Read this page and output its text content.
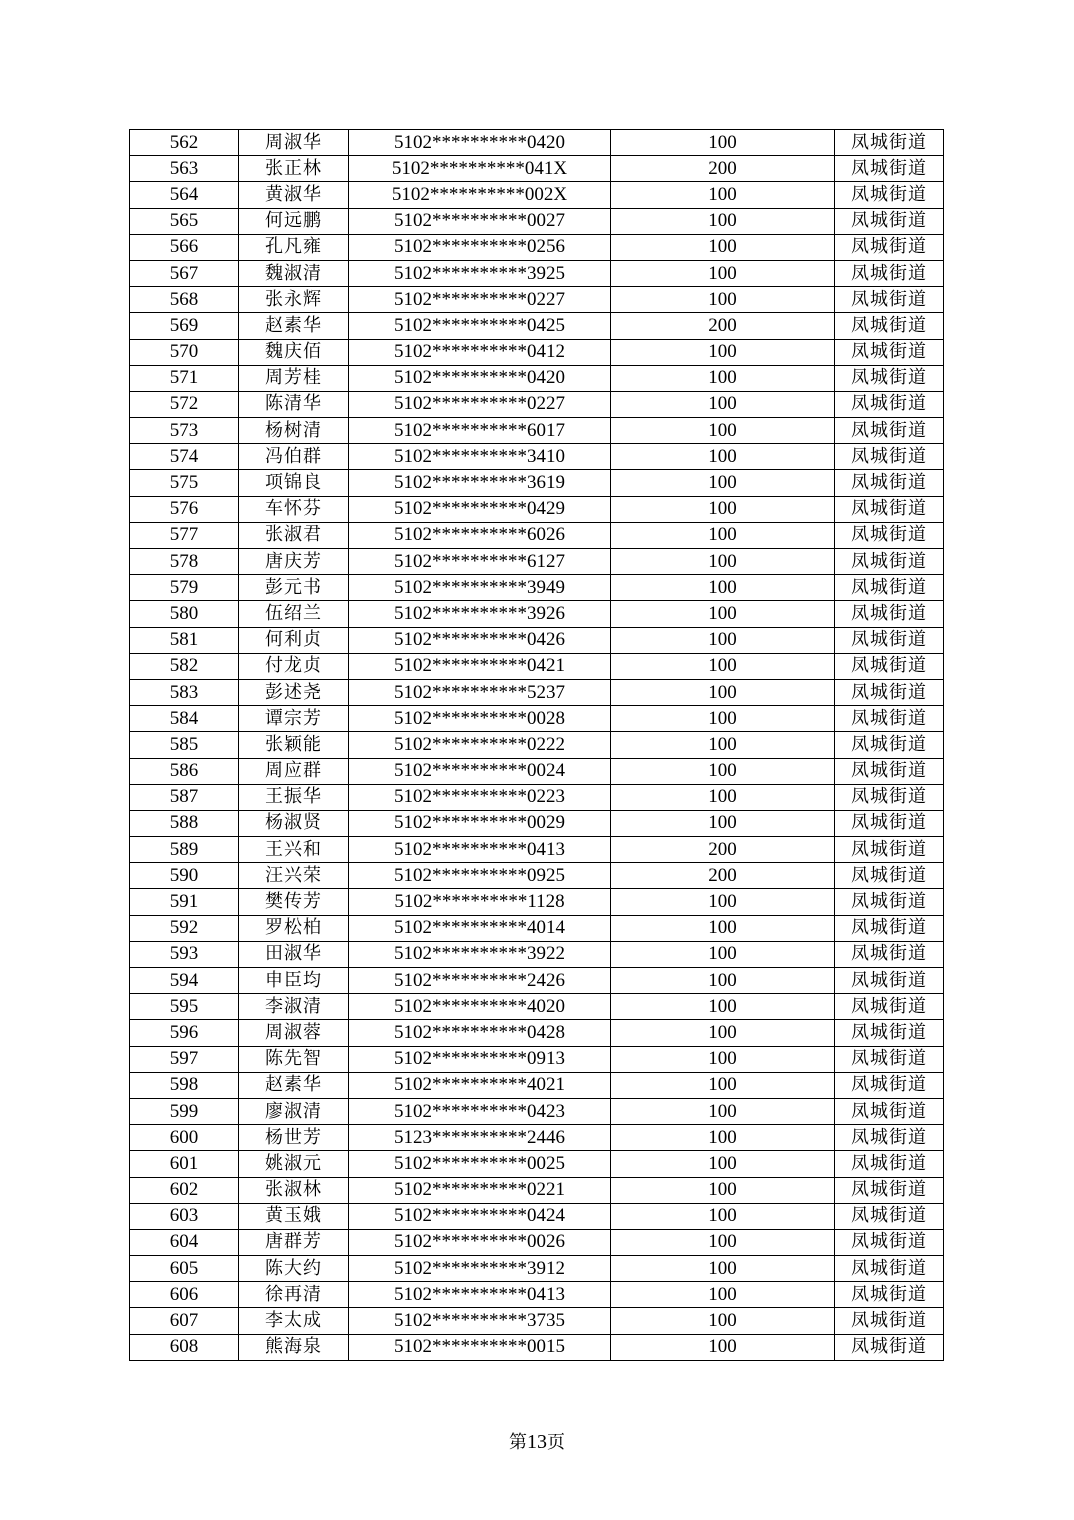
562	周淑华	5102**********0420	100	凤城街道
563	张正林	5102**********041X	200	凤城街道
564	黄淑华	5102**********002X	100	凤城街道
565	何远鹏	5102**********0027	100	凤城街道
566	孔凡雍	5102**********0256	100	凤城街道
567	魏淑清	5102**********3925	100	凤城街道
568	张永辉	5102**********0227	100	凤城街道
569	赵素华	5102**********0425	200	凤城街道
570	魏庆佰	5102**********0412	100	凤城街道
571	周芳桂	5102**********0420	100	凤城街道
572	陈清华	5102**********0227	100	凤城街道
573	杨树清	5102**********6017	100	凤城街道
574	冯伯群	5102**********3410	100	凤城街道
575	项锦良	5102**********3619	100	凤城街道
576	车怀芬	5102**********0429	100	凤城街道
577	张淑君	5102**********6026	100	凤城街道
578	唐庆芳	5102**********6127	100	凤城街道
579	彭元书	5102**********3949	100	凤城街道
580	伍绍兰	5102**********3926	100	凤城街道
581	何利贞	5102**********0426	100	凤城街道
582	付龙贞	5102**********0421	100	凤城街道
583	彭述尧	5102**********5237	100	凤城街道
584	谭宗芳	5102**********0028	100	凤城街道
585	张颖能	5102**********0222	100	凤城街道
586	周应群	5102**********0024	100	凤城街道
587	王振华	5102**********0223	100	凤城街道
588	杨淑贤	5102**********0029	100	凤城街道
589	王兴和	5102**********0413	200	凤城街道
590	汪兴荣	5102**********0925	200	凤城街道
591	樊传芳	5102**********1128	100	凤城街道
592	罗松柏	5102**********4014	100	凤城街道
593	田淑华	5102**********3922	100	凤城街道
594	申臣均	5102**********2426	100	凤城街道
595	李淑清	5102**********4020	100	凤城街道
596	周淑蓉	5102**********0428	100	凤城街道
597	陈先智	5102**********0913	100	凤城街道
598	赵素华	5102**********4021	100	凤城街道
599	廖淑清	5102**********0423	100	凤城街道
600	杨世芳	5123**********2446	100	凤城街道
601	姚淑元	5102**********0025	100	凤城街道
602	张淑林	5102**********0221	100	凤城街道
603	黄玉娥	5102**********0424	100	凤城街道
604	唐群芳	5102**********0026	100	凤城街道
605	陈大约	5102**********3912	100	凤城街道
606	徐再清	5102**********0413	100	凤城街道
607	李太成	5102**********3735	100	凤城街道
608	熊海泉	5102**********0015	100	凤城街道
第13页
